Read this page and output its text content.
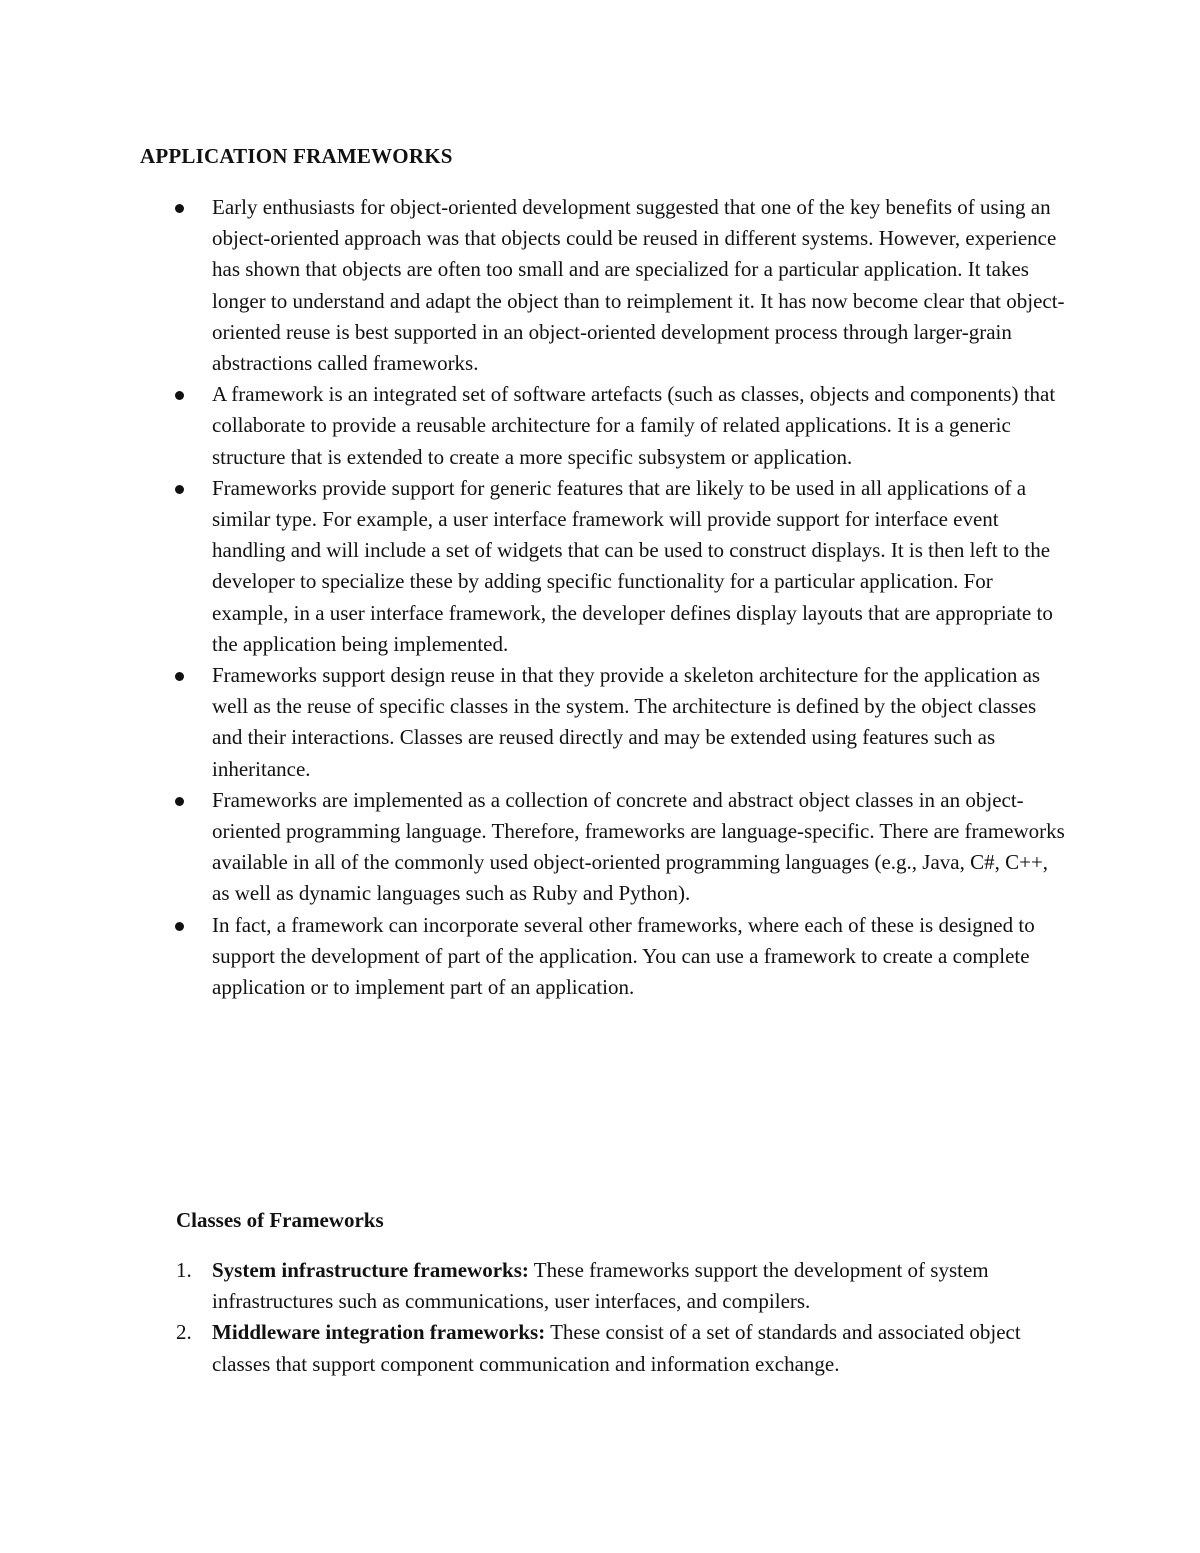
APPLICATION FRAMEWORKS
Early enthusiasts for object-oriented development suggested that one of the key benefits of using an object-oriented approach was that objects could be reused in different systems. However, experience has shown that objects are often too small and are specialized for a particular application. It takes longer to understand and adapt the object than to reimplement it. It has now become clear that object-oriented reuse is best supported in an object-oriented development process through larger-grain abstractions called frameworks.
A framework is an integrated set of software artefacts (such as classes, objects and components) that collaborate to provide a reusable architecture for a family of related applications. It is a generic structure that is extended to create a more specific subsystem or application.
Frameworks provide support for generic features that are likely to be used in all applications of a similar type. For example, a user interface framework will provide support for interface event handling and will include a set of widgets that can be used to construct displays. It is then left to the developer to specialize these by adding specific functionality for a particular application. For example, in a user interface framework, the developer defines display layouts that are appropriate to the application being implemented.
Frameworks support design reuse in that they provide a skeleton architecture for the application as well as the reuse of specific classes in the system. The architecture is defined by the object classes and their interactions. Classes are reused directly and may be extended using features such as inheritance.
Frameworks are implemented as a collection of concrete and abstract object classes in an object-oriented programming language. Therefore, frameworks are language-specific. There are frameworks available in all of the commonly used object-oriented programming languages (e.g., Java, C#, C++, as well as dynamic languages such as Ruby and Python).
In fact, a framework can incorporate several other frameworks, where each of these is designed to support the development of part of the application. You can use a framework to create a complete application or to implement part of an application.
Classes of Frameworks
1. System infrastructure frameworks: These frameworks support the development of system infrastructures such as communications, user interfaces, and compilers.
2. Middleware integration frameworks: These consist of a set of standards and associated object classes that support component communication and information exchange.
